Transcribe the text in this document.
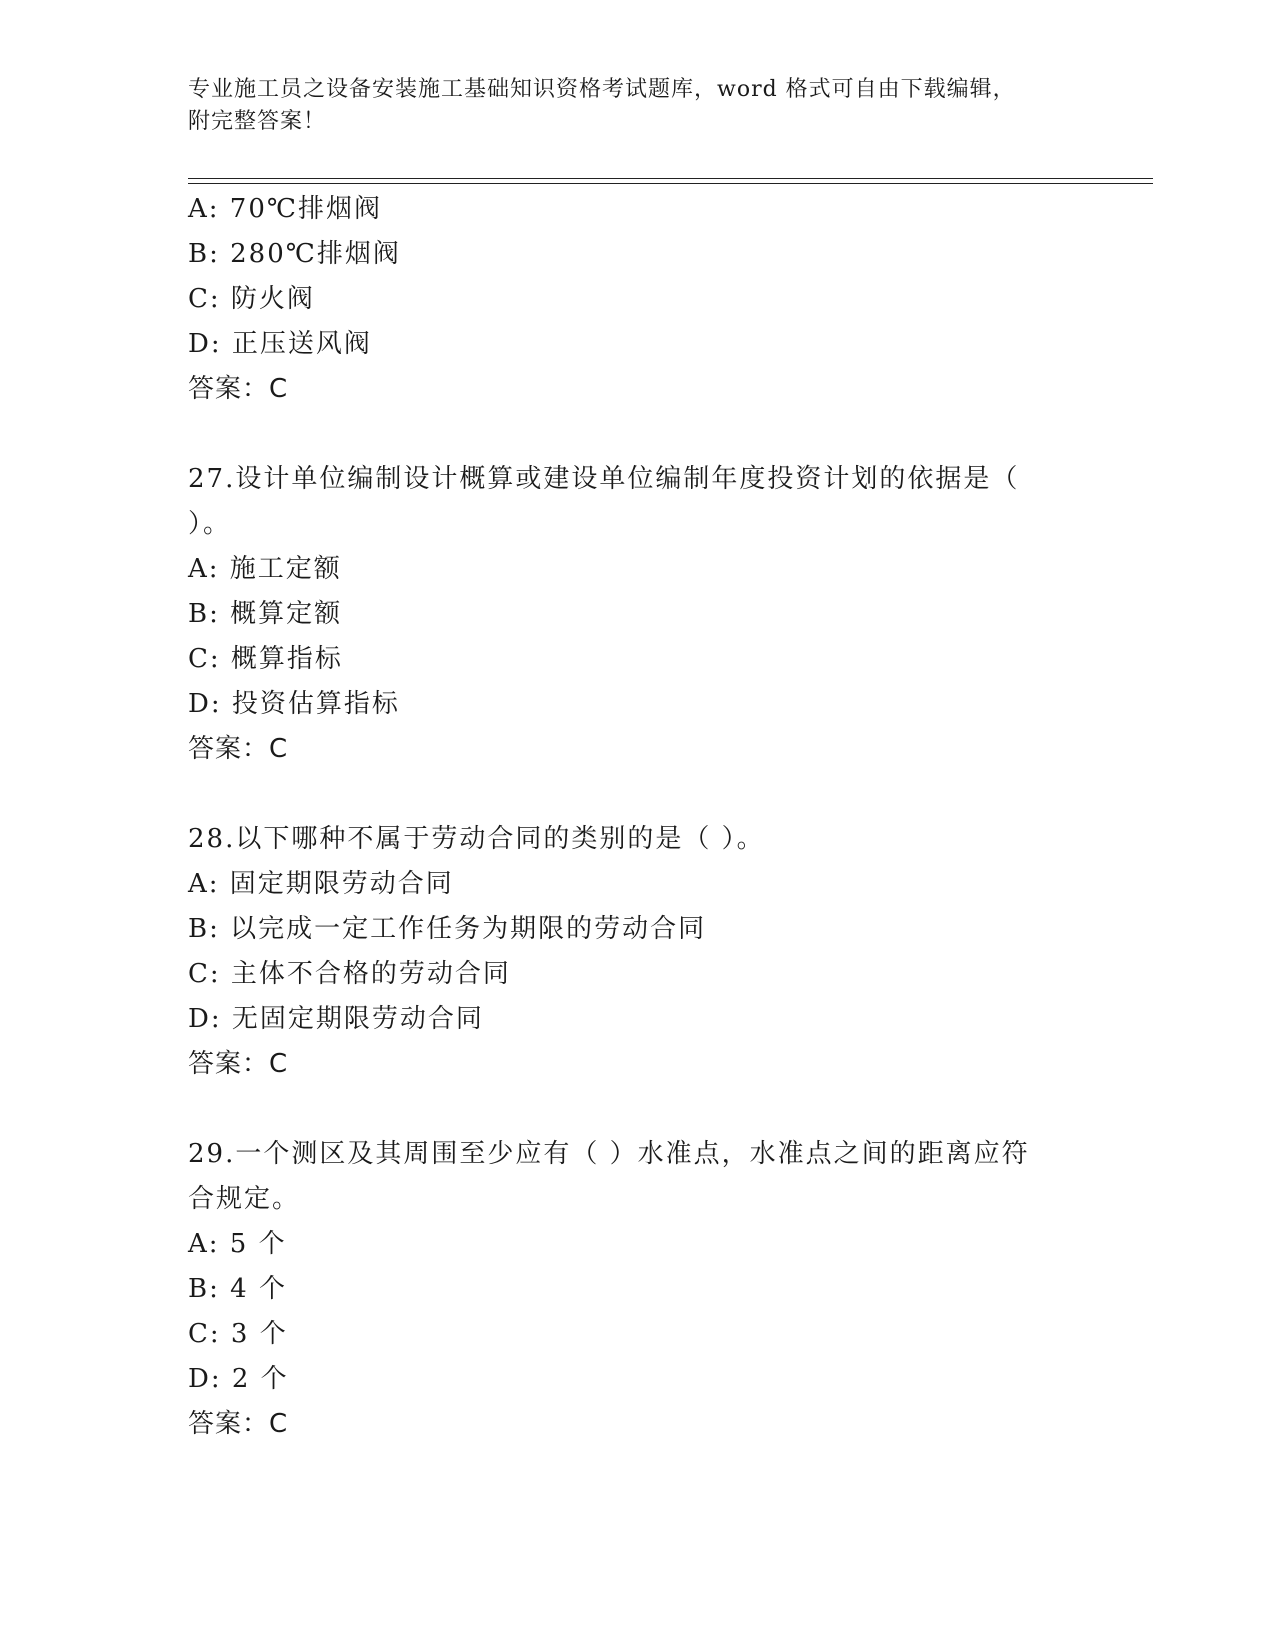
专业施工员之设备安装施工基础知识资格考试题库，word 格式可自由下载编辑，
附完整答案！
A: 70℃排烟阀
B: 280℃排烟阀
C: 防火阀
D: 正压送风阀
答案：C
27.设计单位编制设计概算或建设单位编制年度投资计划的依据是（
）。
A: 施工定额
B: 概算定额
C: 概算指标
D: 投资估算指标
答案：C
28.以下哪种不属于劳动合同的类别的是（ ）。
A: 固定期限劳动合同
B: 以完成一定工作任务为期限的劳动合同
C: 主体不合格的劳动合同
D: 无固定期限劳动合同
答案：C
29.一个测区及其周围至少应有（ ）水准点，水准点之间的距离应符
合规定。
A: 5 个
B: 4 个
C: 3 个
D: 2 个
答案：C
